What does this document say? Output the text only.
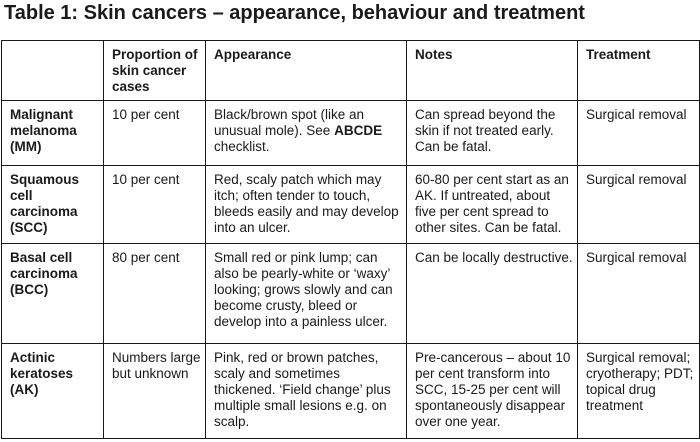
Table 1: Skin cancers – appearance, behaviour and treatment
	Proportion of skin cancer cases	Appearance	Notes	Treatment
Malignant melanoma (MM)	10 per cent	Black/brown spot (like an unusual mole). See ABCDE checklist.	Can spread beyond the skin if not treated early. Can be fatal.	Surgical removal
Squamous cell carcinoma (SCC)	10 per cent	Red, scaly patch which may itch; often tender to touch, bleeds easily and may develop into an ulcer.	60-80 per cent start as an AK. If untreated, about five per cent spread to other sites. Can be fatal.	Surgical removal
Basal cell carcinoma (BCC)	80 per cent	Small red or pink lump; can also be pearly-white or ‘waxy’ looking; grows slowly and can become crusty, bleed or develop into a painless ulcer.	Can be locally destructive.	Surgical removal
Actinic keratoses (AK)	Numbers large but unknown	Pink, red or brown patches, scaly and sometimes thickened. ‘Field change’ plus multiple small lesions e.g. on scalp.	Pre-cancerous – about 10 per cent transform into SCC, 15-25 per cent will spontaneously disappear over one year.	Surgical removal; cryotherapy; PDT; topical drug treatment
